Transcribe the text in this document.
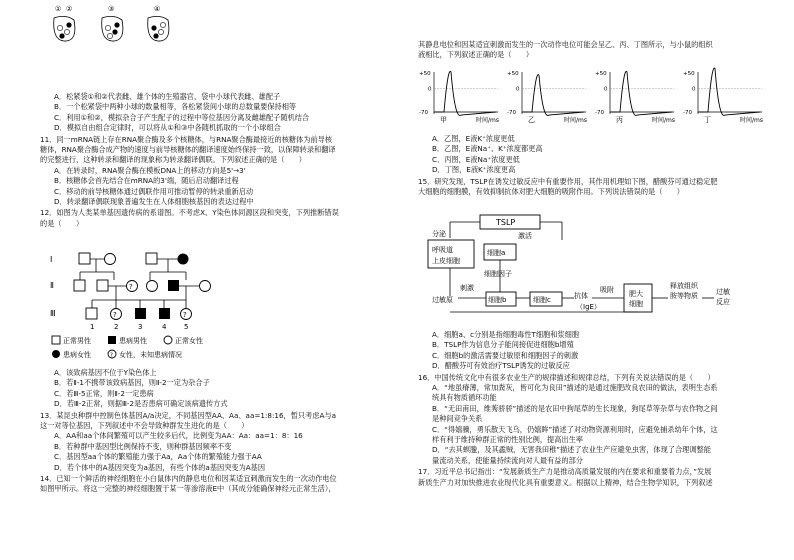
① ②	③	④
A．松紧袋①和②代表雌、雄个体的生殖器官，袋中小球代表雌、雄配子
B．一个松紧袋中两种小球的数量相等，各松紧袋间小球的总数量要保持相等
C．利用①和②，模拟杂合子产生配子的过程中等位基因分离及雌雄配子随机结合
D．模拟自由组合定律时，可以将从①和③中各随机抓取的一个小球组合
11．同一mRNA链上存在RNA聚合酶及多个核糖体，与RNA聚合酶最接近的核糖体为前导核
糖体，RNA聚合酶合成产物的速度与前导核糖体的翻译速度始终保持一致，以保障转录和翻译
的完整进行，这种转录和翻译的现象称为转录翻译偶联。下列叙述正确的是（　　）
A．在转录时，RNA聚合酶在模板DNA上的移动方向是5'→3'
B．核糖体会首先结合在mRNA的3'端，随后启动翻译过程
C．移动的前导核糖体通过偶联作用可推动暂停的转录重新启动
D．转录翻译偶联现象普遍发生在人体细胞核基因的表达过程中
12．如图为人类某单基因遗传病的系谱图。不考虑X、Y染色体同源区段和突变，下列推断错误
的是（　　）
Ⅰ
Ⅱ
Ⅲ
?
?	?
1	2	3	4	5
正常男性	患病男性	正常女性
患病女性	? 女性，未知患病情况
A．该致病基因不位于Y染色体上
B．若Ⅱ-1不携带该致病基因，则Ⅱ-2一定为杂合子
C．若Ⅲ-5正常，则Ⅱ-2一定患病
D．若Ⅲ-2正常，则据Ⅲ-2是否患病可确定该病遗传方式
13．某昆虫种群中控制色体基因A/a决定，不同基因型AA、Aa、aa=1:8:16，暂只考虑A与a
这一对等位基因，下列叙述中不会导致种群发生进化的是（　　）
A．AA和aa个体间繁殖可以产生较多后代，比例变为AA：Aa：aa=1：8：16
B．若种群中基因型比例保持不变，则种群基因频率不变
C．基因型aa个体的繁殖能力强于Aa，Aa个体的繁殖能力强于AA
D．若个体中的A基因突变为a基因，有些个体的a基因突变为A基因
14．已知一个鲜活的神经细胞在小白鼠体内的静息电位和因某适宜刺激而发生的一次动作电位
如图甲所示。将这一完整的神经细胞置于某一等渗溶液E中（其成分能确保神经元正常生活），
其静息电位和因某适宜刺激而发生的一次动作电位可能会呈乙、丙、丁图所示，与小鼠的组织
液相比，下列叙述正确的是（　　）
+50
0
-70
时间/ms
甲
+50
0
-70
时间/ms
乙
+50
0
-70
时间/ms
丙
+50
0
-70
时间/ms
丁
A．乙图，E液K⁺浓度更低
B．乙图，E液Na⁺、K⁺浓度都更高
C．丙图，E液Na⁺浓度更低
D．丁图，E液K⁺浓度更高
15．研究发现，TSLP在诱发过敏反应中有重要作用，其作用机理如下图，醋酸芬可通过稳定肥
大细胞的细胞膜，有效抑制抗体对肥大细胞的吸附作用。下列说法错误的是（　　）
TSLP
分泌	激活
呼吸道
上皮细胞
细胞a
细胞因子
过敏原
刺激
细胞b	细胞c	抗体
（IgE）
吸附 肥大
细胞
释放组织
胺等物质	过敏
反应
A．细胞a、c分别是指细胞毒性T细胞和浆细胞
B．TSLP作为信息分子能间接促进细胞b增殖
C．细胞b的激活需要过敏原和细胞因子的刺激
D．醋酸芬可有效治疗TSLP诱发的过敏反应
16．中国传统文化中有很多农业生产的规律描述和规律总结，下列有关说法错误的是（　　）
A．“地虽瘠薄，常加粪灰，皆可化为良田”描述的是通过施肥改良农田的做法，表明生态系
统具有物质循环功能
B．“无田甫田，维莠骄骄”描述的是农田中狗尾草的生长现象，狗尾草等杂草与农作物之间
是种间竞争关系
C．“得嬉骥，勇乐散天飞乌，仍嬉眸”描述了对动物资源利用时，应避免捕杀幼年个体，这
样有利于维持种群正常的性别比例，提高出生率
D．“去其螟螣，及其蟊贼，无害我田稚”描述了农业生产应避免虫害，体现了合理调整能
量流动关系，使能量持续流向对人最有益的部分
17．习近平总书记指出：“发展新质生产力是推动高质量发展的内在要求和重要着力点，”发展
新质生产力对加快推进农业现代化具有重要意义。根据以上精神，结合生物学知识，下列叙述
